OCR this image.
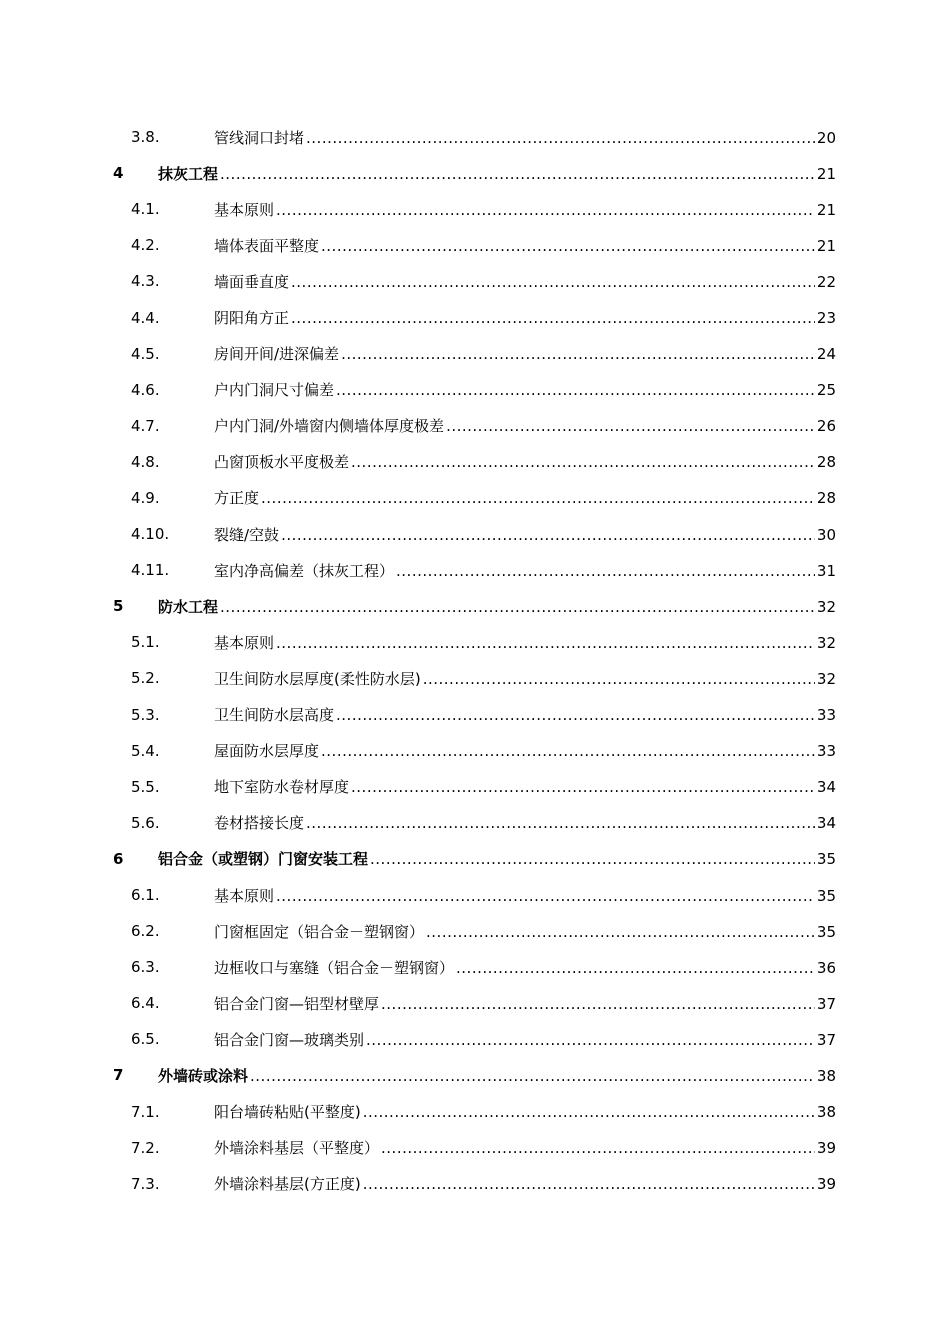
3.8.	管线洞口封堵 .....	20
4 抹灰工程 .....	21
4.1.	基本原则 .....	21
4.2.	墙体表面平整度 .....	21
4.3.	墙面垂直度 .....	22
4.4.	阴阳角方正 .....	23
4.5.	房间开间/进深偏差 .....	24
4.6.	户内门洞尺寸偏差 .....	25
4.7.	户内门洞/外墙窗内侧墙体厚度极差 .....	26
4.8.	凸窗顶板水平度极差 .....	28
4.9.	方正度 .....	28
4.10.	裂缝/空鼓 .....	30
4.11.	室内净高偏差（抹灰工程） .....	31
5 防水工程 .....	32
5.1.	基本原则 .....	32
5.2.	卫生间防水层厚度(柔性防水层) .....	32
5.3.	卫生间防水层高度 .....	33
5.4.	屋面防水层厚度 .....	33
5.5.	地下室防水卷材厚度 .....	34
5.6.	卷材搭接长度 .....	34
6 铝合金（或塑钢）门窗安装工程 .....	35
6.1.	基本原则 .....	35
6.2.	门窗框固定（铝合金－塑钢窗） .....	35
6.3.	边框收口与塞缝（铝合金－塑钢窗） .....	36
6.4.	铝合金门窗—铝型材壁厚 .....	37
6.5.	铝合金门窗—玻璃类别 .....	37
7 外墙砖或涂料 .....	38
7.1.	阳台墙砖粘贴(平整度) .....	38
7.2.	外墙涂料基层（平整度） .....	39
7.3.	外墙涂料基层(方正度) .....	39
